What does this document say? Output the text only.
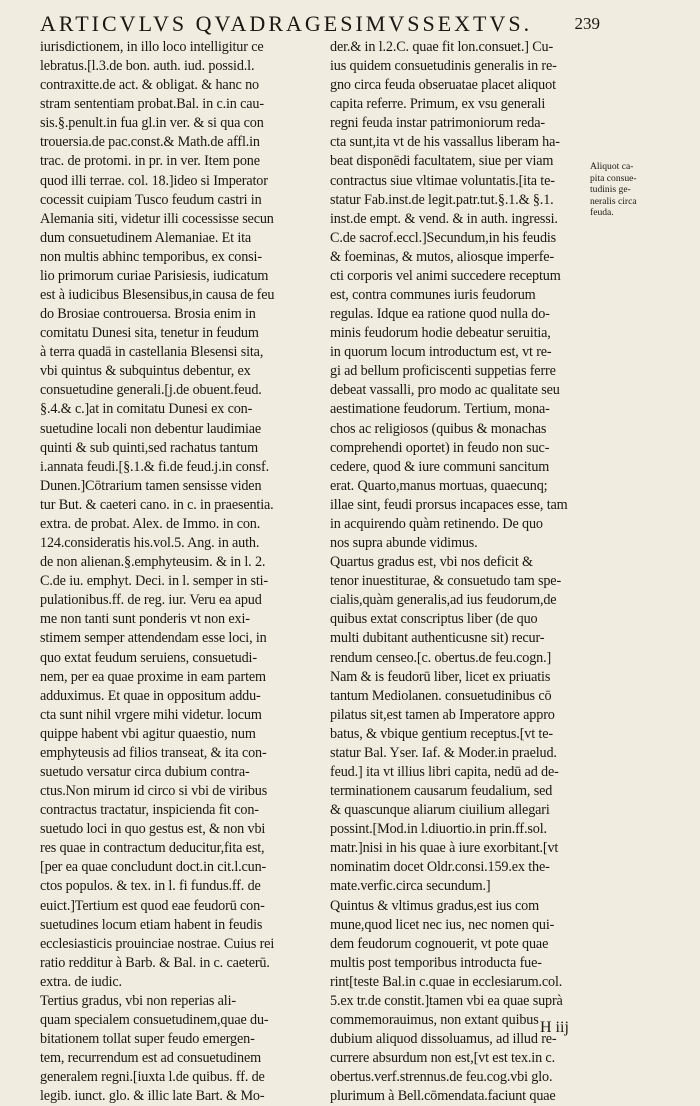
ARTICVLVS QVADRAGESIMVSSEXTVS.	239
iurisdictionem, in illo loco intelligitur ce
lebratus.[l.3.de bon. auth. iud. possid.l.
contraxitte.de act. & obligat. & hanc no
stram sententiam probat.Bal. in c.in cau-
sis.§.penult.in fua gl.in ver. & si qua con
trouersia.de pac.const.& Math.de affl.in
trac. de protomi. in pr. in ver. Item pone
quod illi terrae. col. 18.]ideo si Imperator
cocessit cuipiam Tusco feudum castri in
Alemania siti, videtur illi cocessisse secun
dum consuetudinem Alemaniae. Et ita
non multis abhinc temporibus, ex consi-
lio primorum curiae Parisiesis, iudicatum
est à iudicibus Blesensibus,in causa de feu
do Brosiae controuersa. Brosia enim in
comitatu Dunesi sita, tenetur in feudum
à terra quadā in castellania Blesensi sita,
vbi quintus & subquintus debentur, ex
consuetudine generali.[j.de obuent.feud.
§.4.& c.]at in comitatu Dunesi ex con-
suetudine locali non debentur laudimiae
quinti & sub quinti,sed rachatus tantum
i.annata feudi.[§.1.& fi.de feud.j.in consf.
Dunen.]Cōtrarium tamen sensisse viden
tur But. & caeteri cano. in c. in praesentia.
extra. de probat. Alex. de Immo. in con.
124.consideratis his.vol.5. Ang. in auth.
de non alienan.§.emphyteusim. & in l. 2.
C.de iu. emphyt. Deci. in l. semper in sti-
pulationibus.ff. de reg. iur. Veru ea apud
me non tanti sunt ponderis vt non exi-
stimem semper attendendam esse loci, in
quo extat feudum seruiens, consuetudi-
nem, per ea quae proxime in eam partem
adduximus. Et quae in oppositum addu-
cta sunt nihil vrgere mihi videtur. locum
quippe habent vbi agitur quaestio, num
emphyteusis ad filios transeat, & ita con-
suetudo versatur circa dubium contra-
ctus.Non mirum id circo si vbi de viribus
contractus tractatur, inspicienda fit con-
suetudo loci in quo gestus est, & non vbi
res quae in contractum deducitur,fita est,
[per ea quae concludunt doct.in cit.l.cun-
ctos populos. & tex. in l. fi fundus.ff. de
euict.]Tertium est quod eae feudorū con-
suetudines locum etiam habent in feudis
ecclesiasticis prouinciae nostrae. Cuius rei
ratio redditur à Barb. & Bal. in c. caeterū.
extra. de iudic.
Tertius gradus, vbi non reperias ali-
quam specialem consuetudinem,quae du-
bitationem tollat super feudo emergen-
tem, recurrendum est ad consuetudinem
generalem regni.[iuxta l.de quibus. ff. de
legib. iunct. glo. & illic late Bart. & Mo-
der.& in l.2.C. quae fit lon.consuet.] Cu-
ius quidem consuetudinis generalis in re-
gno circa feuda obseruatae placet aliquot
capita referre. Primum, ex vsu generali
regni feuda instar patrimoniorum reda-
cta sunt,ita vt de his vassallus liberam ha-
beat disponēdi facultatem, siue per viam
contractus siue vltimae voluntatis.[ita te-
statur Fab.inst.de legit.patr.tut.§.1.& §.1.
inst.de empt. & vend. & in auth. ingressi.
C.de sacrof.eccl.]Secundum,in his feudis
& foeminas, & mutos, aliosque imperfe-
cti corporis vel animi succedere receptum
est, contra communes iuris feudorum
regulas. Idque ea ratione quod nulla do-
minis feudorum hodie debeatur seruitia,
in quorum locum introductum est, vt re-
gi ad bellum proficiscenti suppetias ferre
debeat vassalli, pro modo ac qualitate seu
aestimatione feudorum. Tertium, mona-
chos ac religiosos (quibus & monachas
comprehendi oportet) in feudo non suc-
cedere, quod & iure communi sancitum
erat. Quarto,manus mortuas, quaecunq;
illae sint, feudi prorsus incapaces esse, tam
in acquirendo quàm retinendo. De quo
nos supra abunde vidimus.
Quartus gradus est, vbi nos deficit &
tenor inuestiturae, & consuetudo tam spe-
cialis,quàm generalis,ad ius feudorum,de
quibus extat conscriptus liber (de quo
multi dubitant authenticusne sit) recur-
rendum censeo.[c. obertus.de feu.cogn.]
Nam & is feudorū liber, licet ex priuatis
tantum Mediolanen. consuetudinibus cō
pilatus sit,est tamen ab Imperatore appro
batus, & vbique gentium receptus.[vt te-
statur Bal. Yser. Iaf. & Moder.in praelud.
feud.] ita vt illius libri capita, nedū ad de-
terminationem causarum feudalium, sed
& quascunque aliarum ciuilium allegari
possint.[Mod.in l.diuortio.in prin.ff.sol.
matr.]nisi in his quae à iure exorbitant.[vt
nominatim docet Oldr.consi.159.ex the-
mate.verfic.circa secundum.]
Quintus & vltimus gradus,est ius com
mune,quod licet nec ius, nec nomen qui-
dem feudorum cognouerit, vt pote quae
multis post temporibus introducta fue-
rint[teste Bal.in c.quae in ecclesiarum.col.
5.ex tr.de constit.]tamen vbi ea quae suprà
commemorauimus, non extant quibus
dubium aliquod dissoluamus, ad illud re-
currere absurdum non est,[vt est tex.in c.
obertus.verf.strennus.de feu.cog.vbi glo.
plurimum à Bell.cōmendata.faciunt quae
Aliquot ca-
pita consue-
tudinis ge-
neralis circa
feuda.
H iij
